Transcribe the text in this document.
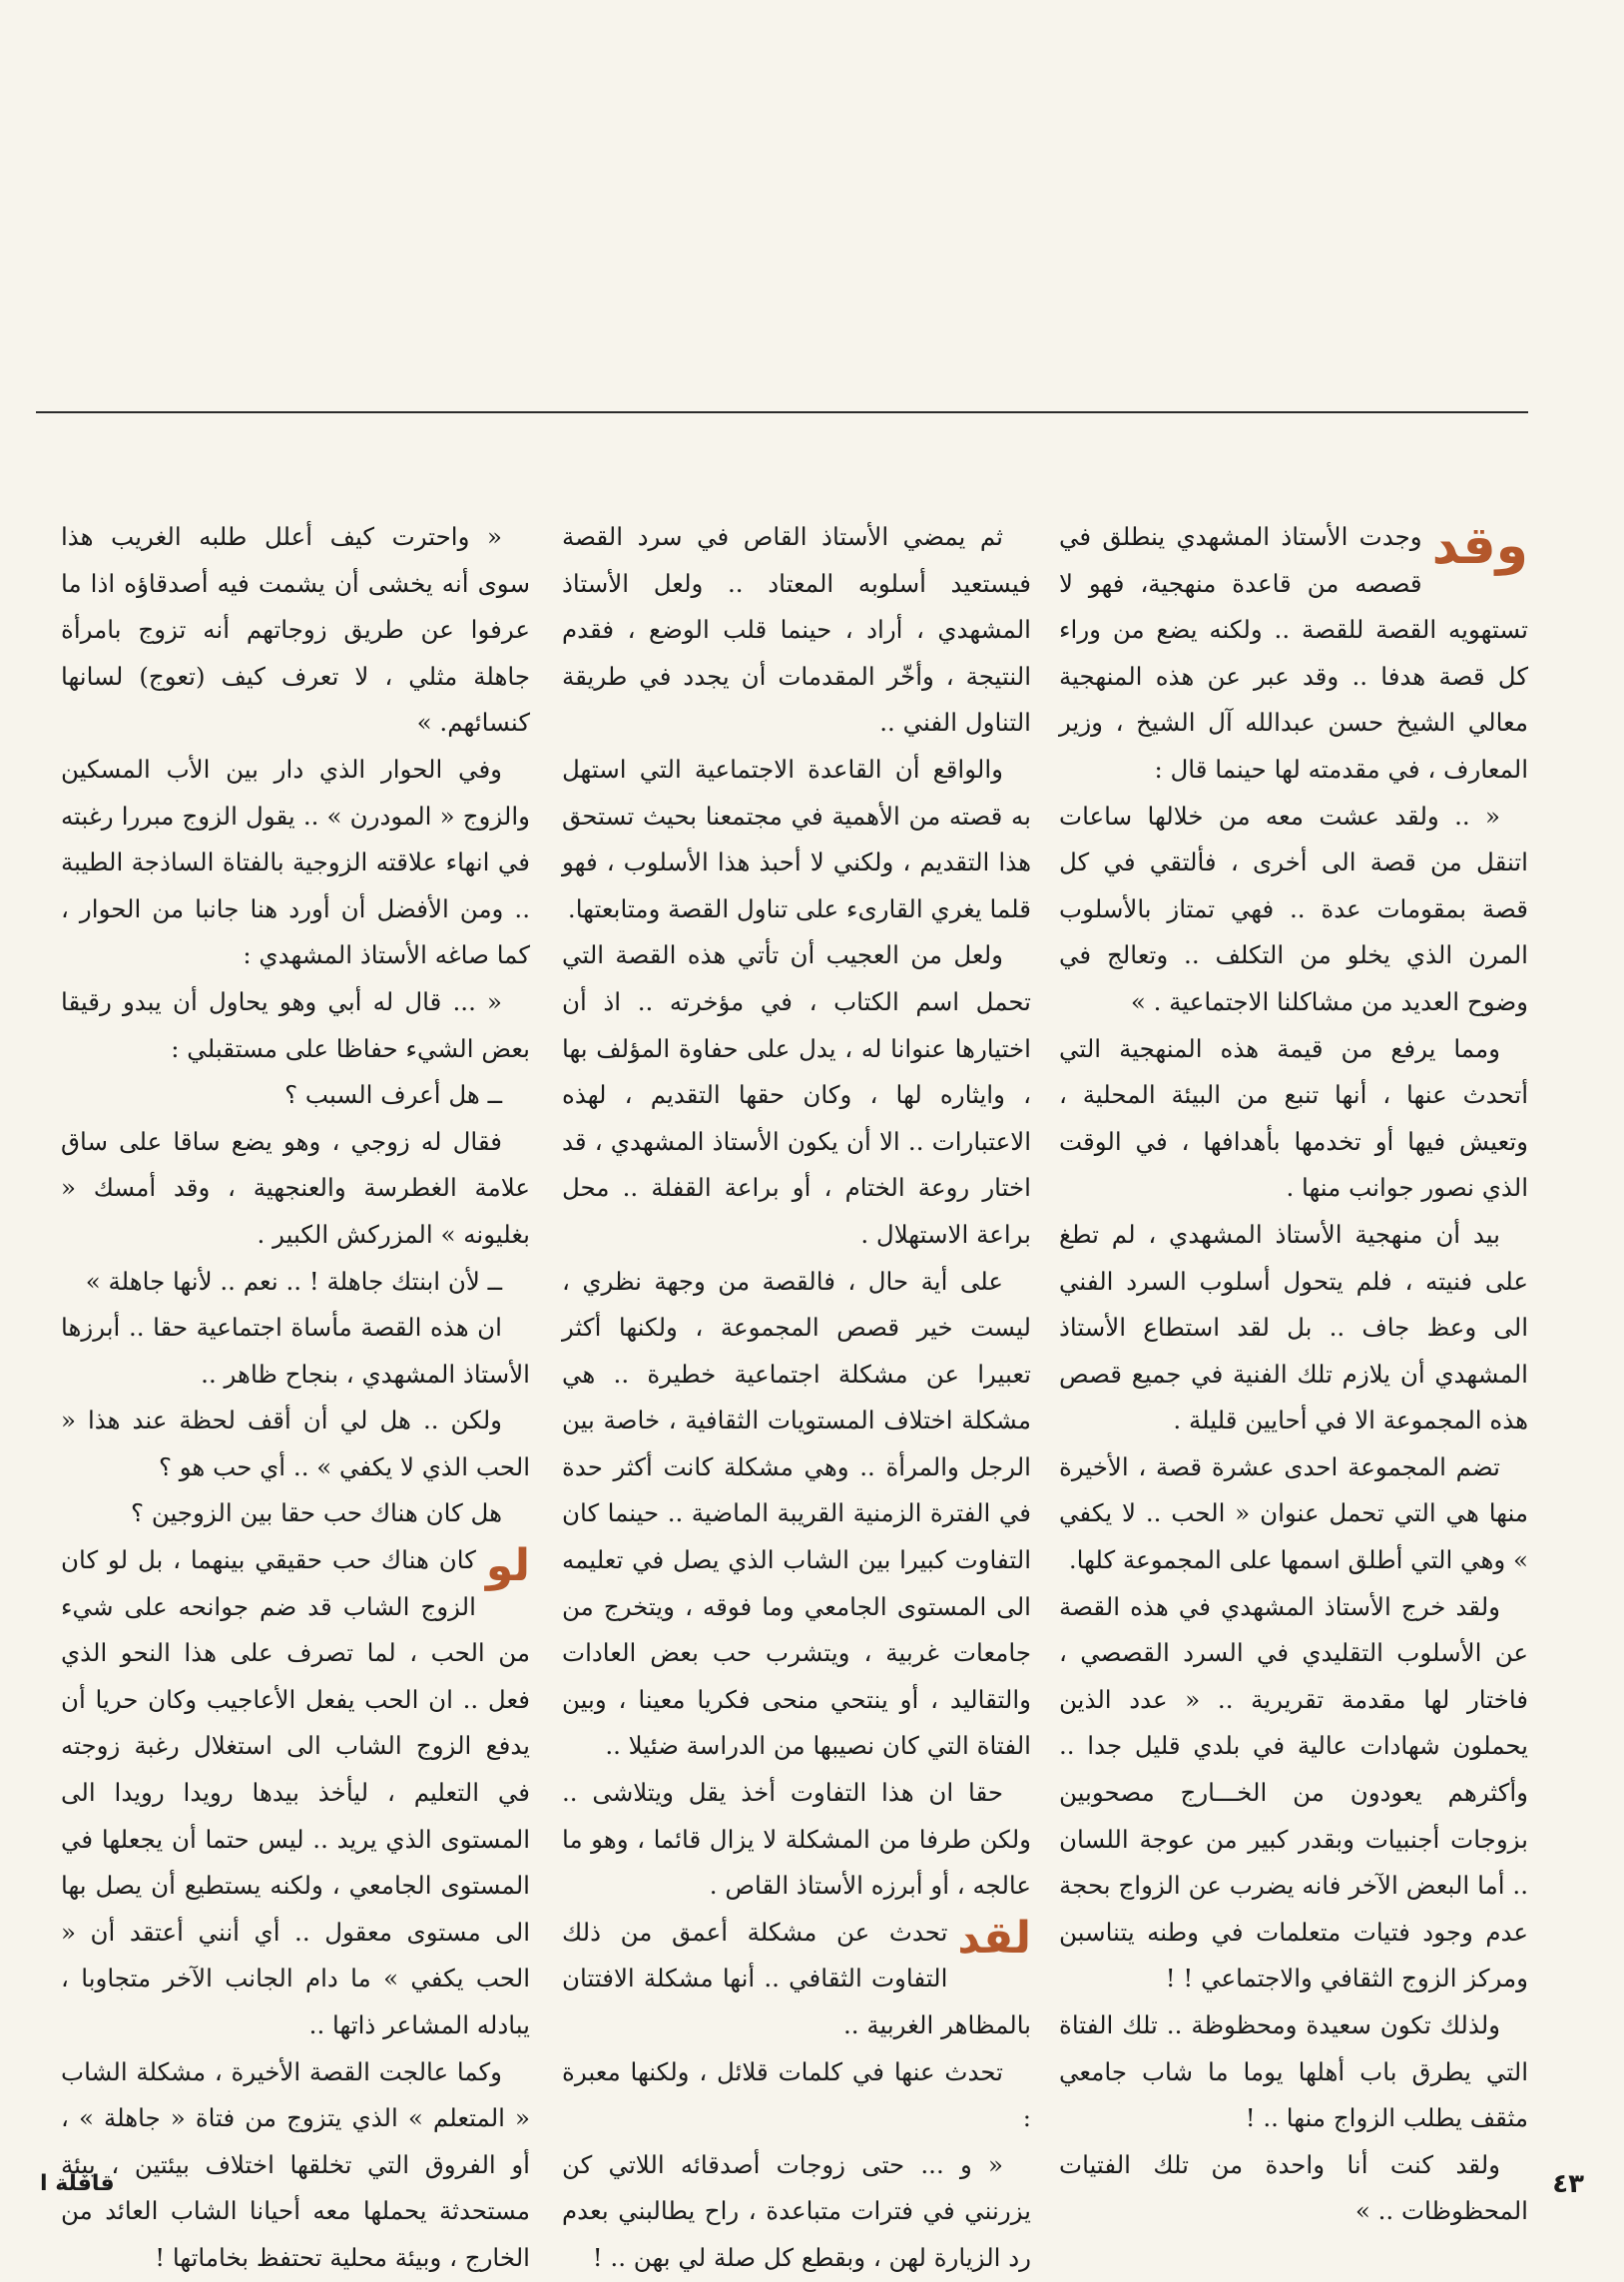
وقد
وجدت الأستاذ المشهدي ينطلق في قصصه من قاعدة منهجية، فهو لا تستهويه القصة للقصة .. ولكنه يضع من وراء كل قصة هدفا .. وقد عبر عن هذه المنهجية معالي الشيخ حسن عبدالله آل الشيخ ، وزير المعارف ، في مقدمته لها حينما قال :

« .. ولقد عشت معه من خلالها ساعات اتنقل من قصة الى أخرى ، فألتقي في كل قصة بمقومات عدة .. فهي تمتاز بالأسلوب المرن الذي يخلو من التكلف .. وتعالج في وضوح العديد من مشاكلنا الاجتماعية . »

ومما يرفع من قيمة هذه المنهجية التي أتحدث عنها ، أنها تنبع من البيئة المحلية ، وتعيش فيها أو تخدمها بأهدافها ، في الوقت الذي نصور جوانب منها .

بيد أن منهجية الأستاذ المشهدي ، لم تطغ على فنيته ، فلم يتحول أسلوب السرد الفني الى وعظ جاف .. بل لقد استطاع الأستاذ المشهدي أن يلازم تلك الفنية في جميع قصص هذه المجموعة الا في أحايين قليلة .

تضم المجموعة احدى عشرة قصة ، الأخيرة منها هي التي تحمل عنوان « الحب .. لا يكفي » وهي التي أطلق اسمها على المجموعة كلها.

ولقد خرج الأستاذ المشهدي في هذه القصة عن الأسلوب التقليدي في السرد القصصي ، فاختار لها مقدمة تقريرية .. « عدد الذين يحملون شهادات عالية في بلدي قليل جدا .. وأكثرهم يعودون من الخـــارج مصحوبين بزوجات أجنبيات وبقدر كبير من عوجة اللسان .. أما البعض الآخر فانه يضرب عن الزواج بحجة عدم وجود فتيات متعلمات في وطنه يتناسبن ومركز الزوج الثقافي والاجتماعي ! !

ولذلك تكون سعيدة ومحظوظة .. تلك الفتاة التي يطرق باب أهلها يوما ما شاب جامعي مثقف يطلب الزواج منها .. !

ولقد كنت أنا واحدة من تلك الفتيات المحظوظات .. »

ثم يمضي الأستاذ القاص في سرد القصة فيستعيد أسلوبه المعتاد .. ولعل الأستاذ المشهدي ، أراد ، حينما قلب الوضع ، فقدم النتيجة ، وأخّر المقدمات أن يجدد في طريقة التناول الفني ..

والواقع أن القاعدة الاجتماعية التي استهل به قصته من الأهمية في مجتمعنا بحيث تستحق هذا التقديم ، ولكني لا أحبذ هذا الأسلوب ، فهو قلما يغري القارىء على تناول القصة ومتابعتها.

ولعل من العجيب أن تأتي هذه القصة التي تحمل اسم الكتاب ، في مؤخرته .. اذ أن اختيارها عنوانا له ، يدل على حفاوة المؤلف بها ، وايثاره لها ، وكان حقها التقديم ، لهذه الاعتبارات .. الا أن يكون الأستاذ المشهدي ، قد اختار روعة الختام ، أو براعة القفلة .. محل براعة الاستهلال .

على أية حال ، فالقصة من وجهة نظري ، ليست خير قصص المجموعة ، ولكنها أكثر تعبيرا عن مشكلة اجتماعية خطيرة .. هي مشكلة اختلاف المستويات الثقافية ، خاصة بين الرجل والمرأة .. وهي مشكلة كانت أكثر حدة في الفترة الزمنية القريبة الماضية .. حينما كان التفاوت كبيرا بين الشاب الذي يصل في تعليمه الى المستوى الجامعي وما فوقه ، ويتخرج من جامعات غربية ، ويتشرب حب بعض العادات والتقاليد ، أو ينتحي منحى فكريا معينا ، وبين الفتاة التي كان نصيبها من الدراسة ضئيلا ..

حقا ان هذا التفاوت أخذ يقل ويتلاشى .. ولكن طرفا من المشكلة لا يزال قائما ، وهو ما عالجه ، أو أبرزه الأستاذ القاص .

لقد
تحدث عن مشكلة أعمق من ذلك التفاوت الثقافي .. أنها مشكلة الافتتان بالمظاهر الغربية ..

تحدث عنها في كلمات قلائل ، ولكنها معبرة :

« و ... حتى زوجات أصدقائه اللاتي كن يزرنني في فترات متباعدة ، راح يطالبني بعدم رد الزيارة لهن ، وبقطع كل صلة لي بهن .. !

« واحترت كيف أعلل طلبه الغريب هذا سوى أنه يخشى أن يشمت فيه أصدقاؤه اذا ما عرفوا عن طريق زوجاتهم أنه تزوج بامرأة جاهلة مثلي ، لا تعرف كيف (تعوج) لسانها كنسائهم. »

وفي الحوار الذي دار بين الأب المسكين والزوج « المودرن » .. يقول الزوج مبررا رغبته في انهاء علاقته الزوجية بالفتاة الساذجة الطيبة .. ومن الأفضل أن أورد هنا جانبا من الحوار ، كما صاغه الأستاذ المشهدي :

« ... قال له أبي وهو يحاول أن يبدو رقيقا بعض الشيء حفاظا على مستقبلي :

ــ هل أعرف السبب ؟

فقال له زوجي ، وهو يضع ساقا على ساق علامة الغطرسة والعنجهية ، وقد أمسك « بغليونه » المزركش الكبير .

ــ لأن ابنتك جاهلة ! .. نعم .. لأنها جاهلة »

ان هذه القصة مأساة اجتماعية حقا .. أبرزها الأستاذ المشهدي ، بنجاح ظاهر ..

ولكن .. هل لي أن أقف لحظة عند هذا « الحب الذي لا يكفي » .. أي حب هو ؟

هل كان هناك حب حقا بين الزوجين ؟

لو
كان هناك حب حقيقي بينهما ، بل لو كان الزوج الشاب قد ضم جوانحه على شيء من الحب ، لما تصرف على هذا النحو الذي فعل .. ان الحب يفعل الأعاجيب وكان حريا أن يدفع الزوج الشاب الى استغلال رغبة زوجته في التعليم ، ليأخذ بيدها رويدا رويدا الى المستوى الذي يريد .. ليس حتما أن يجعلها في المستوى الجامعي ، ولكنه يستطيع أن يصل بها الى مستوى معقول .. أي أنني أعتقد أن « الحب يكفي » ما دام الجانب الآخر متجاوبا ، يبادله المشاعر ذاتها ..

وكما عالجت القصة الأخيرة ، مشكلة الشاب « المتعلم » الذي يتزوج من فتاة « جاهلة » ، أو الفروق التي تخلقها اختلاف بيئتين ، بيئة مستحدثة يحملها معه أحيانا الشاب العائد من الخارج ، وبيئة محلية تحتفظ بخاماتها !

٤٣
قافلة ا
